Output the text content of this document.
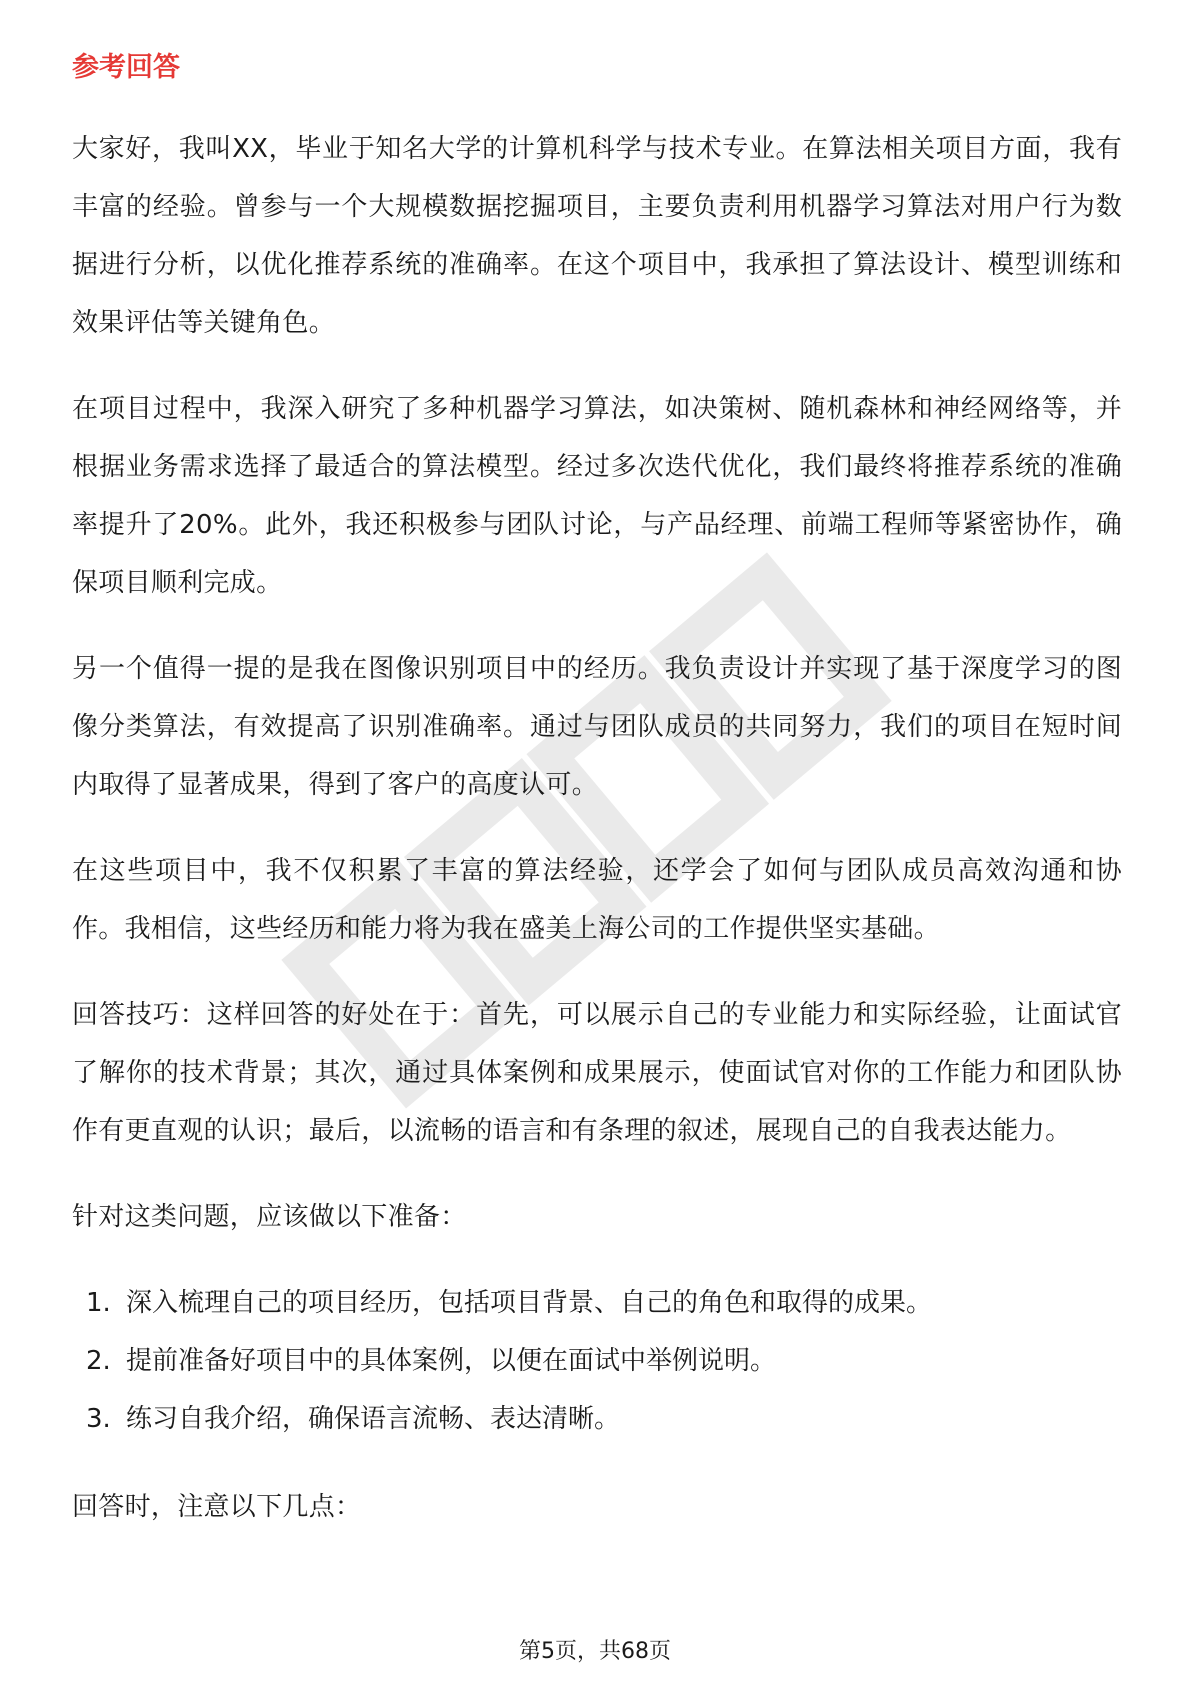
参考回答

大家好，我叫XX，毕业于知名大学的计算机科学与技术专业。在算法相关项目方面，我有丰富的经验。曾参与一个大规模数据挖掘项目，主要负责利用机器学习算法对用户行为数据进行分析，以优化推荐系统的准确率。在这个项目中，我承担了算法设计、模型训练和效果评估等关键角色。

在项目过程中，我深入研究了多种机器学习算法，如决策树、随机森林和神经网络等，并根据业务需求选择了最适合的算法模型。经过多次迭代优化，我们最终将推荐系统的准确率提升了20%。此外，我还积极参与团队讨论，与产品经理、前端工程师等紧密协作，确保项目顺利完成。

另一个值得一提的是我在图像识别项目中的经历。我负责设计并实现了基于深度学习的图像分类算法，有效提高了识别准确率。通过与团队成员的共同努力，我们的项目在短时间内取得了显著成果，得到了客户的高度认可。

在这些项目中，我不仅积累了丰富的算法经验，还学会了如何与团队成员高效沟通和协作。我相信，这些经历和能力将为我在盛美上海公司的工作提供坚实基础。

回答技巧：这样回答的好处在于：首先，可以展示自己的专业能力和实际经验，让面试官了解你的技术背景；其次，通过具体案例和成果展示，使面试官对你的工作能力和团队协作有更直观的认识；最后，以流畅的语言和有条理的叙述，展现自己的自我表达能力。

针对这类问题，应该做以下准备：

1. 深入梳理自己的项目经历，包括项目背景、自己的角色和取得的成果。
2. 提前准备好项目中的具体案例，以便在面试中举例说明。
3. 练习自我介绍，确保语言流畅、表达清晰。

回答时，注意以下几点：

第5页，共68页
